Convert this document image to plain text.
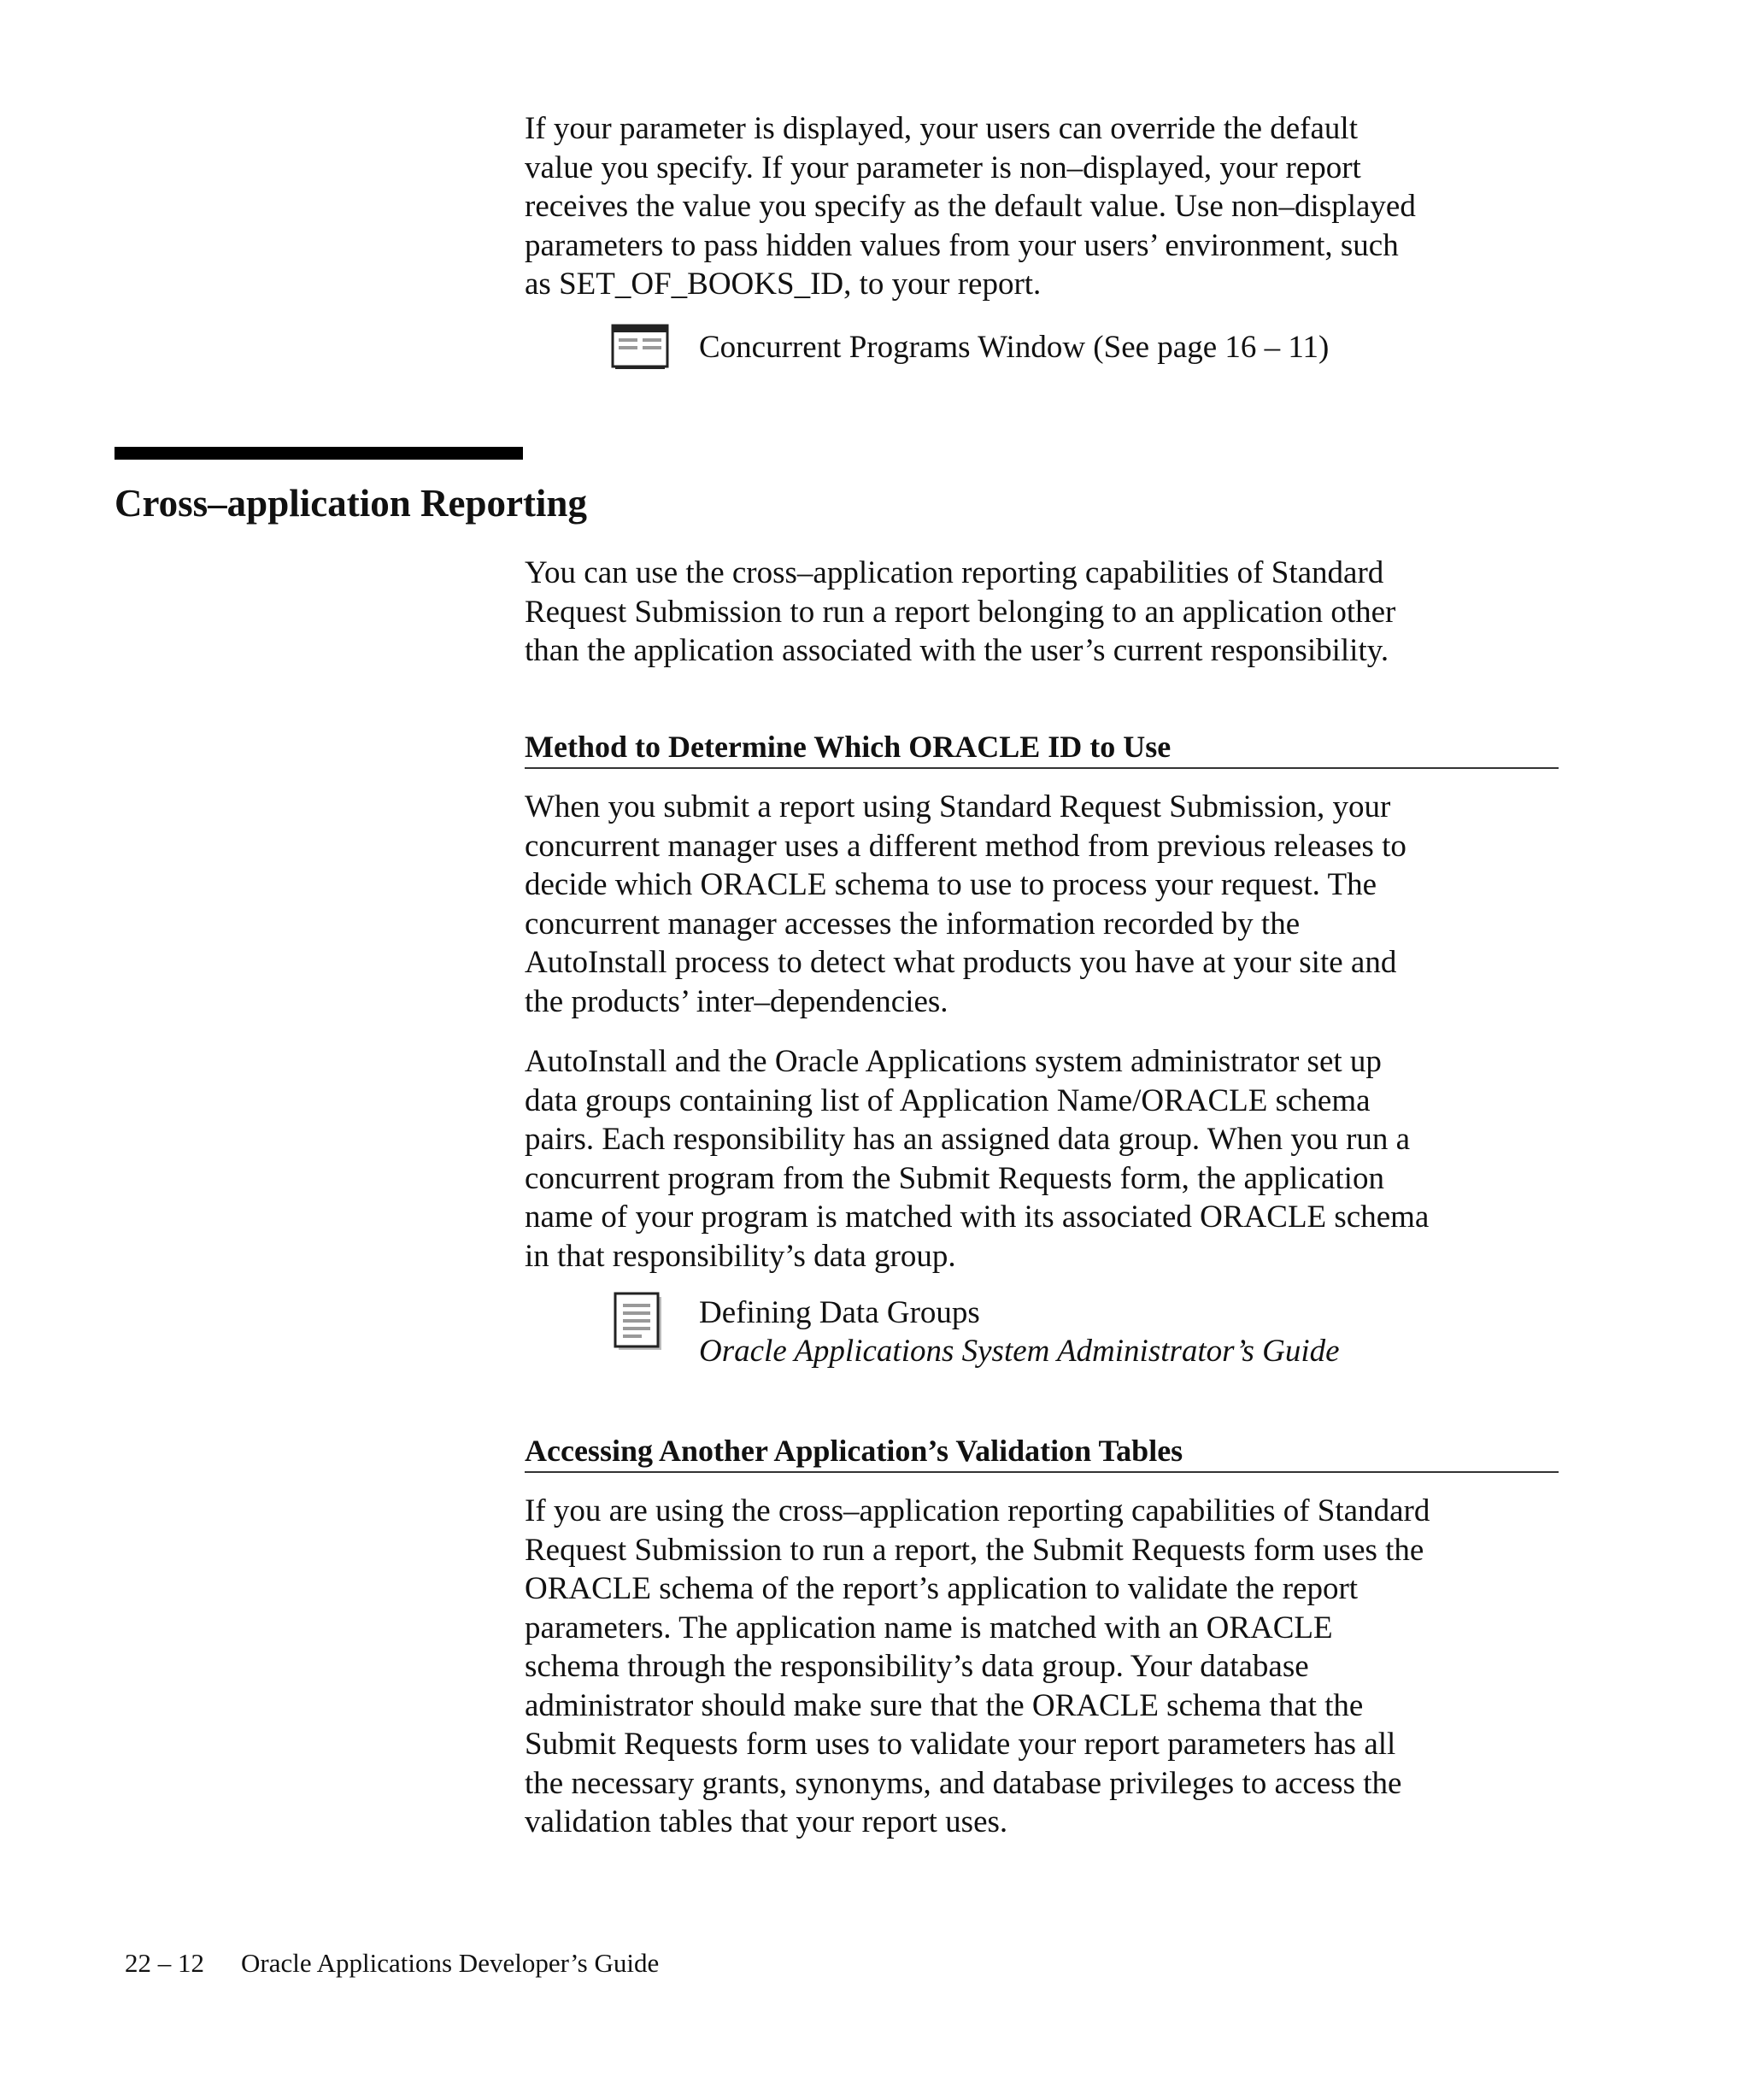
If your parameter is displayed, your users can override the default
value you specify. If your parameter is non–displayed, your report
receives the value you specify as the default value. Use non–displayed
parameters to pass hidden values from your users’ environment, such
as SET_OF_BOOKS_ID, to your report.
Concurrent Programs Window (See page 16 – 11)
Cross–application Reporting
You can use the cross–application reporting capabilities of Standard
Request Submission to run a report belonging to an application other
than the application associated with the user’s current responsibility.
Method to Determine Which ORACLE ID to Use
When you submit a report using Standard Request Submission, your
concurrent manager uses a different method from previous releases to
decide which ORACLE schema to use to process your request. The
concurrent manager accesses the information recorded by the
AutoInstall process to detect what products you have at your site and
the products’ inter–dependencies.
AutoInstall and the Oracle Applications system administrator set up
data groups containing list of Application Name/ORACLE schema
pairs. Each responsibility has an assigned data group. When you run a
concurrent program from the Submit Requests form, the application
name of your program is matched with its associated ORACLE schema
in that responsibility’s data group.
Defining Data Groups
Oracle Applications System Administrator’s Guide
Accessing Another Application’s Validation Tables
If you are using the cross–application reporting capabilities of Standard
Request Submission to run a report, the Submit Requests form uses the
ORACLE schema of the report’s application to validate the report
parameters. The application name is matched with an ORACLE
schema through the responsibility’s data group. Your database
administrator should make sure that the ORACLE schema that the
Submit Requests form uses to validate your report parameters has all
the necessary grants, synonyms, and database privileges to access the
validation tables that your report uses.
22 – 12 Oracle Applications Developer’s Guide
